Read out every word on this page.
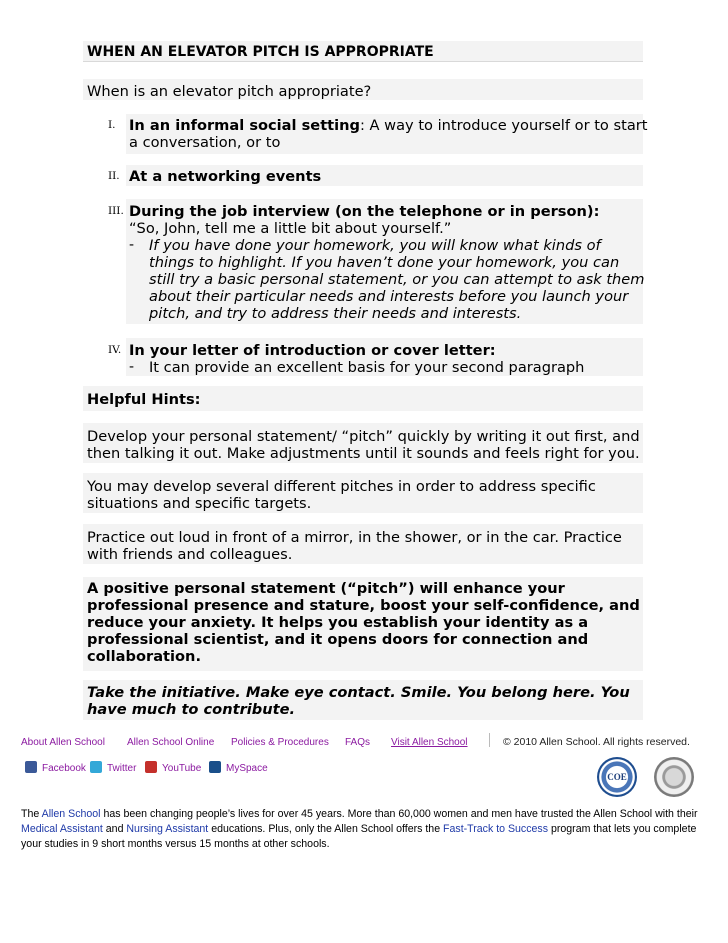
WHEN AN ELEVATOR PITCH IS APPROPRIATE
When is an elevator pitch appropriate?
I. In an informal social setting: A way to introduce yourself or to start
a conversation, or to
II. At a networking events
III. During the job interview (on the telephone or in person):
“So, John, tell me a little bit about yourself.”
- If you have done your homework, you will know what kinds of
things to highlight. If you haven’t done your homework, you can
still try a basic personal statement, or you can attempt to ask them
about their particular needs and interests before you launch your
pitch, and try to address their needs and interests.
IV. In your letter of introduction or cover letter:
- It can provide an excellent basis for your second paragraph
Helpful Hints:
Develop your personal statement/ “pitch” quickly by writing it out first, and
then talking it out. Make adjustments until it sounds and feels right for you.
You may develop several different pitches in order to address specific
situations and specific targets.
Practice out loud in front of a mirror, in the shower, or in the car. Practice
with friends and colleagues.
A positive personal statement (“pitch”) will enhance your
professional presence and stature, boost your self-confidence, and
reduce your anxiety. It helps you establish your identity as a
professional scientist, and it opens doors for connection and
collaboration.
Take the initiative. Make eye contact. Smile. You belong here. You
have much to contribute.
About Allen School Allen School Online Policies & Procedures FAQs Visit Allen School	© 2010 Allen School. All rights reserved.
Facebook	Twitter	YouTube	MySpace
COE
The Allen School has been changing people’s lives for over 45 years. More than 60,000 women and men have trusted the Allen School with their Medical Assistant and Nursing Assistant educations. Plus, only the Allen School offers the Fast-Track to Success program that lets you complete your studies in 9 short months versus 15 months at other schools.
